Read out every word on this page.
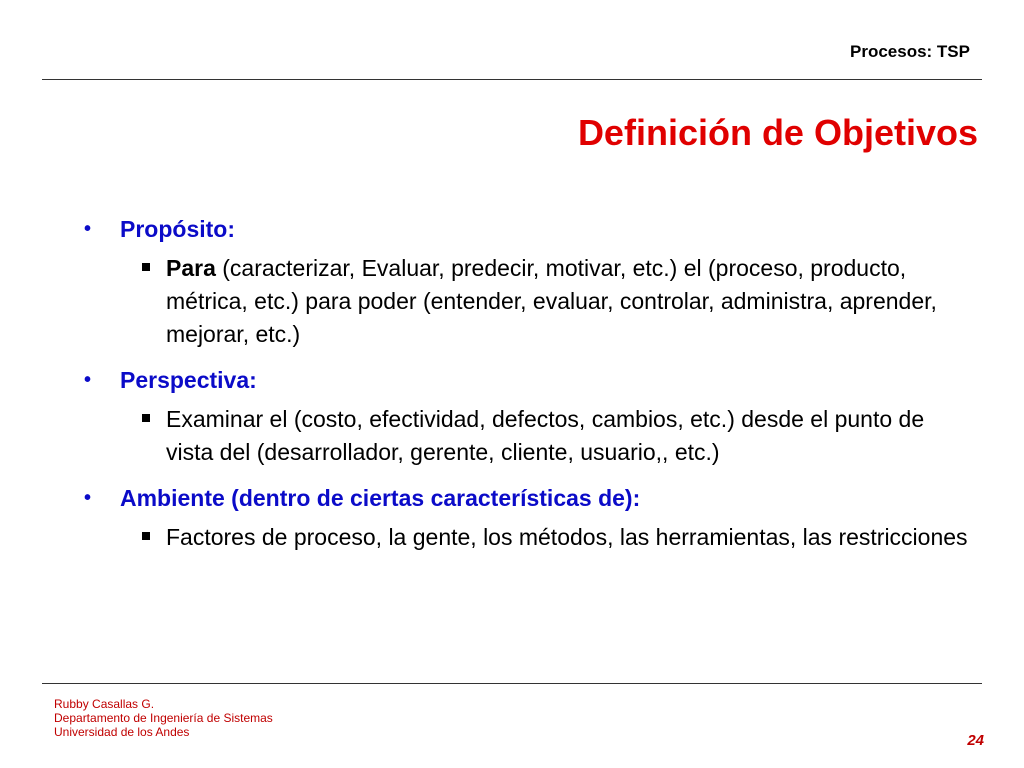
Procesos: TSP
Definición de Objetivos
• Propósito:
Para (caracterizar, Evaluar, predecir, motivar, etc.) el (proceso, producto, métrica, etc.) para poder (entender, evaluar, controlar, administra, aprender, mejorar, etc.)
• Perspectiva:
Examinar el (costo, efectividad, defectos, cambios, etc.) desde el punto de vista del (desarrollador, gerente, cliente, usuario,, etc.)
• Ambiente (dentro de ciertas características de):
Factores de proceso, la gente, los métodos, las herramientas, las restricciones
Rubby Casallas G.
Departamento de Ingeniería de Sistemas
Universidad de los Andes	24
